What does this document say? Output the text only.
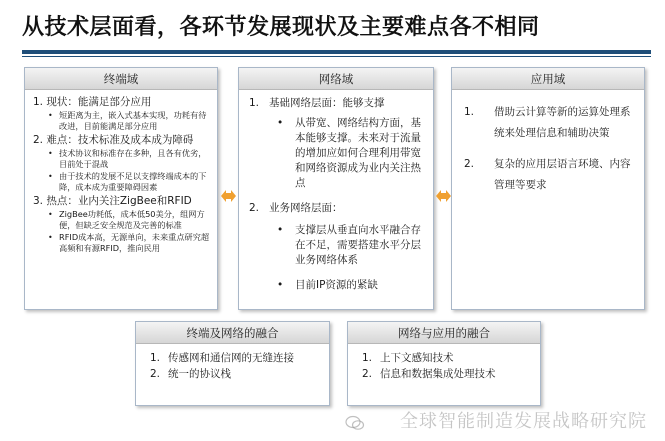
从技术层面看，各环节发展现状及主要难点各不相同
终端域
1. 现状：能满足部分应用
• 短距离为主，嵌入式基本实现，功耗有待改进，目前能满足部分应用
2. 难点：技术标准及成本成为障碍
• 技术协议和标准存在多种，且各有优劣，目前处于混战
• 由于技术的发展不足以支撑终端成本的下降，成本成为重要障碍因素
3. 热点：业内关注ZigBee和RFID
• ZigBee功耗低，成本低50美分，组网方便，但缺乏安全规范及完善的标准
• RFID成本高，无源单向，未来重点研究超高频和有源RFID，推向民用
网络域
1. 基础网络层面：能够支撑
• 从带宽、网络结构方面，基本能够支撑。未来对于流量的增加应如何合理利用带宽和网络资源成为业内关注热点
2. 业务网络层面：
• 支撑层从垂直向水平融合存在不足，需要搭建水平分层业务网络体系
• 目前IP资源的紧缺
应用域
1. 借助云计算等新的运算处理系统来处理信息和辅助决策
2. 复杂的应用层语言环境、内容管理等要求
终端及网络的融合
1. 传感网和通信网的无缝连接
2. 统一的协议栈
网络与应用的融合
1. 上下文感知技术
2. 信息和数据集成处理技术
全球智能制造发展战略研究院
